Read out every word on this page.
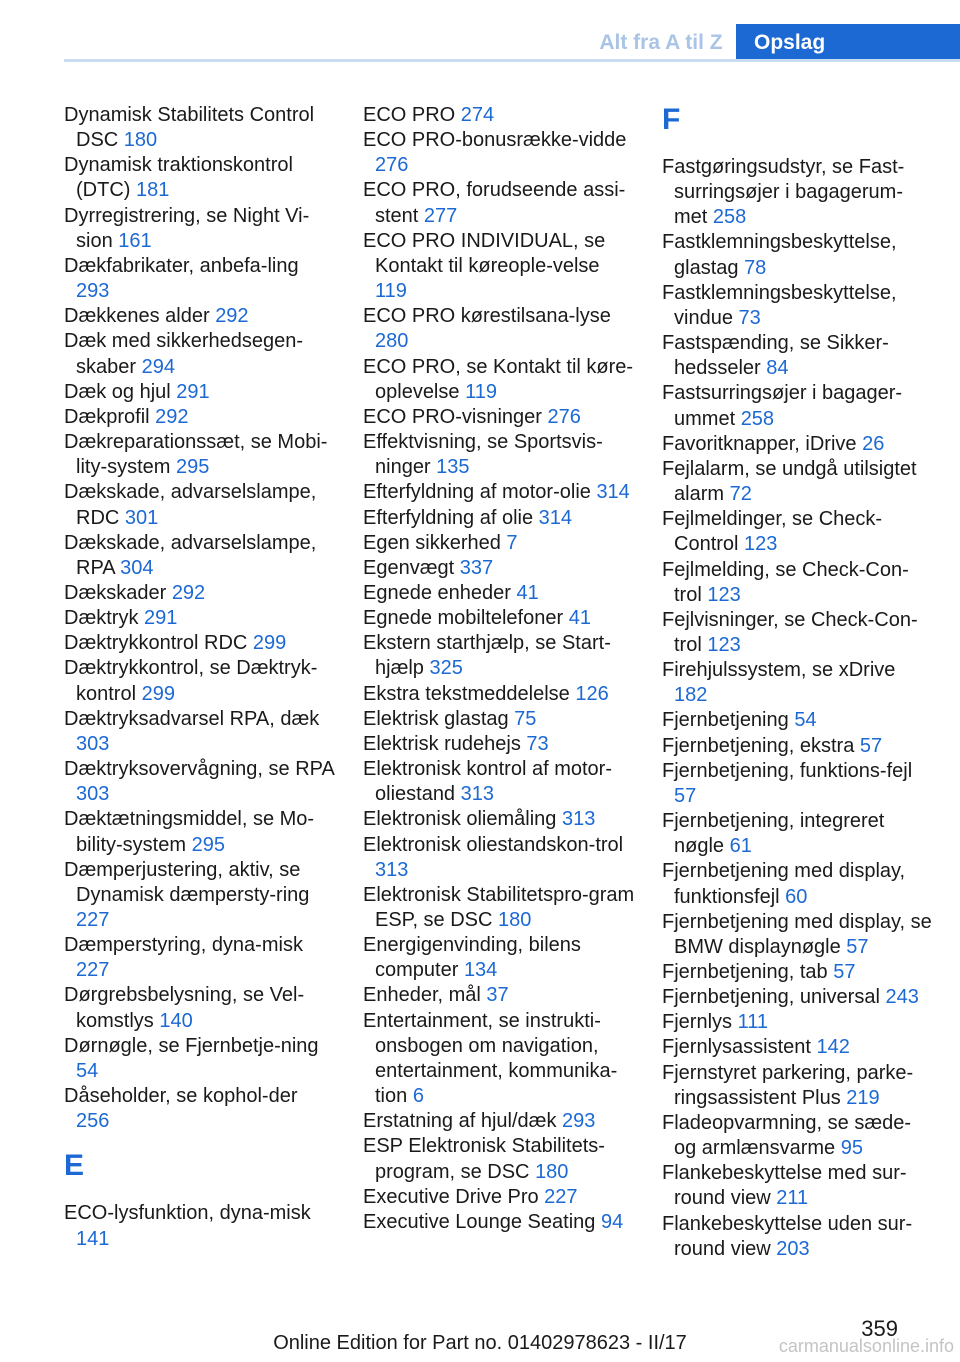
Alt fra A til Z	Opslag
Dynamisk Stabilitets Control DSC 180
Dynamisk traktionskontrol (DTC) 181
Dyrregistrering, se Night Vi‐sion 161
Dækfabrikater, anbefa‐ling 293
Dækkenes alder 292
Dæk med sikkerhedsegen‐skaber 294
Dæk og hjul 291
Dækprofil 292
Dækreparationssæt, se Mobi‐lity-system 295
Dækskade, advarselslampe, RDC 301
Dækskade, advarselslampe, RPA 304
Dækskader 292
Dæktryk 291
Dæktrykkontrol RDC 299
Dæktrykkontrol, se Dæktryk‐kontrol 299
Dæktryksadvarsel RPA, dæk 303
Dæktryksovervågning, se RPA 303
Dæktætningsmiddel, se Mo‐bility-system 295
Dæmperjustering, aktiv, se Dynamisk dæmpersty‐ring 227
Dæmperstyring, dyna‐misk 227
Dørgrebsbelysning, se Vel‐komstlys 140
Dørnøgle, se Fjernbetje‐ning 54
Dåseholder, se kophol‐der 256
E
ECO-lysfunktion, dyna‐misk 141
ECO PRO 274
ECO PRO-bonusrække‐vidde 276
ECO PRO, forudseende assi‐stent 277
ECO PRO INDIVIDUAL, se Kontakt til køreople‐velse 119
ECO PRO kørestilsana‐lyse 280
ECO PRO, se Kontakt til køre‐oplevelse 119
ECO PRO-visninger 276
Effektvisning, se Sportsvis‐ninger 135
Efterfyldning af motor‐olie 314
Efterfyldning af olie 314
Egen sikkerhed 7
Egenvægt 337
Egnede enheder 41
Egnede mobiltelefoner 41
Ekstern starthjælp, se Start‐hjælp 325
Ekstra tekstmeddelelse 126
Elektrisk glastag 75
Elektrisk rudehejs 73
Elektronisk kontrol af motor‐oliestand 313
Elektronisk oliemåling 313
Elektronisk oliestandskon‐trol 313
Elektronisk Stabilitetspro‐gram ESP, se DSC 180
Energigenvinding, bilens computer 134
Enheder, mål 37
Entertainment, se instrukti‐onsbogen om navigation, entertainment, kommunika‐tion 6
Erstatning af hjul/dæk 293
ESP Elektronisk Stabilitets‐program, se DSC 180
Executive Drive Pro 227
Executive Lounge Seating 94
F
Fastgøringsudstyr, se Fast‐surringsøjer i bagagerum‐met 258
Fastklemningsbeskyttelse, glastag 78
Fastklemningsbeskyttelse, vindue 73
Fastspænding, se Sikker‐hedsseler 84
Fastsurringsøjer i bagager‐ummet 258
Favoritknapper, iDrive 26
Fejlalarm, se undgå utilsigtet alarm 72
Fejlmeldinger, se Check-Control 123
Fejlmelding, se Check-Con‐trol 123
Fejlvisninger, se Check-Con‐trol 123
Firehjulssystem, se xDrive 182
Fjernbetjening 54
Fjernbetjening, ekstra 57
Fjernbetjening, funktions‐fejl 57
Fjernbetjening, integreret nøgle 61
Fjernbetjening med display, funktionsfejl 60
Fjernbetjening med display, se BMW displaynøgle 57
Fjernbetjening, tab 57
Fjernbetjening, universal 243
Fjernlys 111
Fjernlysassistent 142
Fjernstyret parkering, parke‐ringsassistent Plus 219
Fladeopvarmning, se sæde- og armlænsvarme 95
Flankebeskyttelse med sur‐round view 211
Flankebeskyttelse uden sur‐round view 203
359
Online Edition for Part no. 01402978623 - II/17	carmanualsonline.info
